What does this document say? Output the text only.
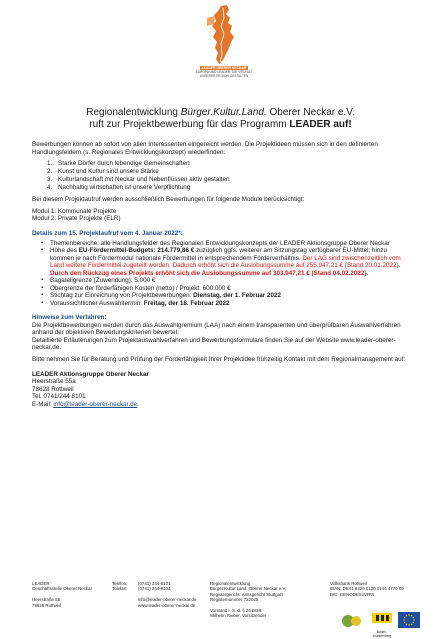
LEADER OBERER NECKAR
EUROPA UND LEADER: DIE VIELFALT
UNSERER REGION GESTALTEN
Regionalentwicklung Bürger.Kultur.Land. Oberer Neckar e.V.
ruft zur Projektbewerbung für das Programm LEADER auf!

Bewerbungen können ab sofort von allen Interessenten eingereicht werden. Die Projektideen müssen sich in den definierten Handlungsfeldern (s. Regionales Entwicklungskonzept) wiederfinden:

1. Starke Dörfer durch lebendige Gemeinschaften
2. Kunst und Kultur sind unsere Stärke
3. Kulturlandschaft mit Neckar und Nebenflüssen aktiv gestalten
4. Nachhaltig wirtschaften ist unsere Verpflichtung

Bei diesem Projektaufruf werden ausschließlich Bewerbungen für folgende Module berücksichtigt:

Modul 1: Kommunale Projekte

Modul 2: Private Projekte (ELR)

Details zum 15. Projektaufruf vom 4. Januar 2022*:

▪ Themenbereiche: alle Handlungsfelder des Regionalen Entwicklungskonzepts der LEADER Aktionsgruppe Oberer Neckar
▪ Höhe des EU-Fördermittel-Budgets: 214.779,86 € zuzüglich ggfs. weiterer am Sitzungstag verfügbarer EU-Mittel; hinzu kommen je nach Fördermodul nationale Fördermittel in entsprechendem Förderverhältnis. Der LAG sind zwischenzeitlich vom Land weitere Fördermittel zugeteilt worden. Dadurch erhöht sich die Auslobungssumme auf 255.947,21 € (Stand 20.01.2022). Durch den Rückzug eines Projekts erhöht sich die Auslobungssumme auf 303.947,21 € (Stand 04.02.2022).
▪ Bagatellgrenze (Zuwendung): 5.000 €
▪ Obergrenze der förderfähigen Kosten (netto) / Projekt: 600.000 €
▪ Stichtag zur Einreichung von Projektbewerbungen: Dienstag, der 1. Februar 2022
▪ Voraussichtlicher Auswahltermin: Freitag, der 18. Februar 2022

Hinweise zum Verfahren:

Die Projektbewerbungen werden durch das Auswahlgremium (LAA) nach einem transparenten und überprüfbaren Auswahlverfahren anhand der objektiven Bewertungskriterien bewertet.

Detaillierte Erläuterungen zum Projektauswahlverfahren und Bewerbungsformulare finden Sie auf der Website www.leader-oberer-neckar.de.

Bitte nehmen Sie für Beratung und Prüfung der Förderfähigkeit Ihrer Projektidee frühzeitig Kontakt mit dem Regionalmanagement auf:

LEADER Aktionsgruppe Oberer Neckar

Heerstraße 55a

78628 Rottweil

Tel. 0741/244 8101

E-Mail: info@leader-oberer-neckar.de

LEADER
Geschäftsstelle Oberer Neckar

Heerstraße 55
78628 Rottweil
Telefon:
Telefax:
(0741) 244-8101
(0741) 244-8104

info@leader-oberer-neckar.de
www.leader-oberer-neckar.de
Regionalentwicklung
Bürger.Kultur.Land. Oberer Neckar e.V.
Registergericht: Amtsgericht Stuttgart
Registernummer 722025

Vorstand i. S. d. § 26 BGB:
Wilhelm Rieber, Vorsitzender
Volksbank Rottweil
IBAN: DE41 6429 0120 0144 4770 09
BIC: GENODES1VRW
Baden-Württemberg
